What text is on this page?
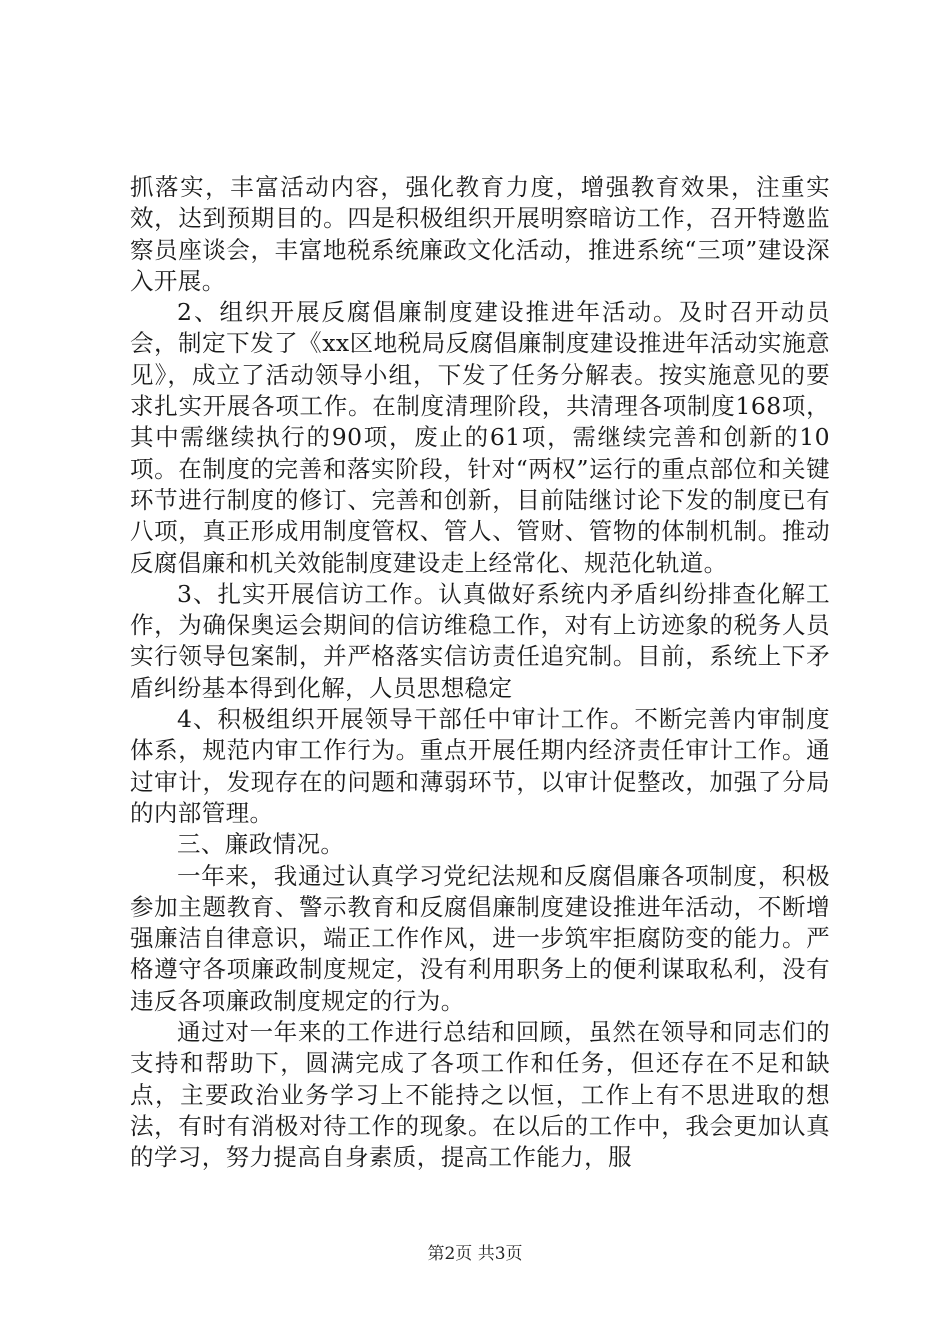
抓落实，丰富活动内容，强化教育力度，增强教育效果，注重实效，达到预期目的。四是积极组织开展明察暗访工作，召开特邀监察员座谈会，丰富地税系统廉政文化活动，推进系统“三项”建设深入开展。

2、组织开展反腐倡廉制度建设推进年活动。及时召开动员会，制定下发了《xx区地税局反腐倡廉制度建设推进年活动实施意见》，成立了活动领导小组，下发了任务分解表。按实施意见的要求扎实开展各项工作。在制度清理阶段，共清理各项制度168项，其中需继续执行的90项，废止的61项，需继续完善和创新的10项。在制度的完善和落实阶段，针对“两权”运行的重点部位和关键环节进行制度的修订、完善和创新，目前陆继讨论下发的制度已有八项，真正形成用制度管权、管人、管财、管物的体制机制。推动反腐倡廉和机关效能制度建设走上经常化、规范化轨道。

3、扎实开展信访工作。认真做好系统内矛盾纠纷排查化解工作，为确保奥运会期间的信访维稳工作，对有上访迹象的税务人员实行领导包案制，并严格落实信访责任追究制。目前，系统上下矛盾纠纷基本得到化解，人员思想稳定

4、积极组织开展领导干部任中审计工作。不断完善内审制度体系，规范内审工作行为。重点开展任期内经济责任审计工作。通过审计，发现存在的问题和薄弱环节，以审计促整改，加强了分局的内部管理。

三、廉政情况。

一年来，我通过认真学习党纪法规和反腐倡廉各项制度，积极参加主题教育、警示教育和反腐倡廉制度建设推进年活动，不断增强廉洁自律意识，端正工作作风，进一步筑牢拒腐防变的能力。严格遵守各项廉政制度规定，没有利用职务上的便利谋取私利，没有违反各项廉政制度规定的行为。

通过对一年来的工作进行总结和回顾，虽然在领导和同志们的支持和帮助下，圆满完成了各项工作和任务，但还存在不足和缺点，主要政治业务学习上不能持之以恒，工作上有不思进取的想法，有时有消极对待工作的现象。在以后的工作中，我会更加认真的学习，努力提高自身素质，提高工作能力，服

第2页 共3页
